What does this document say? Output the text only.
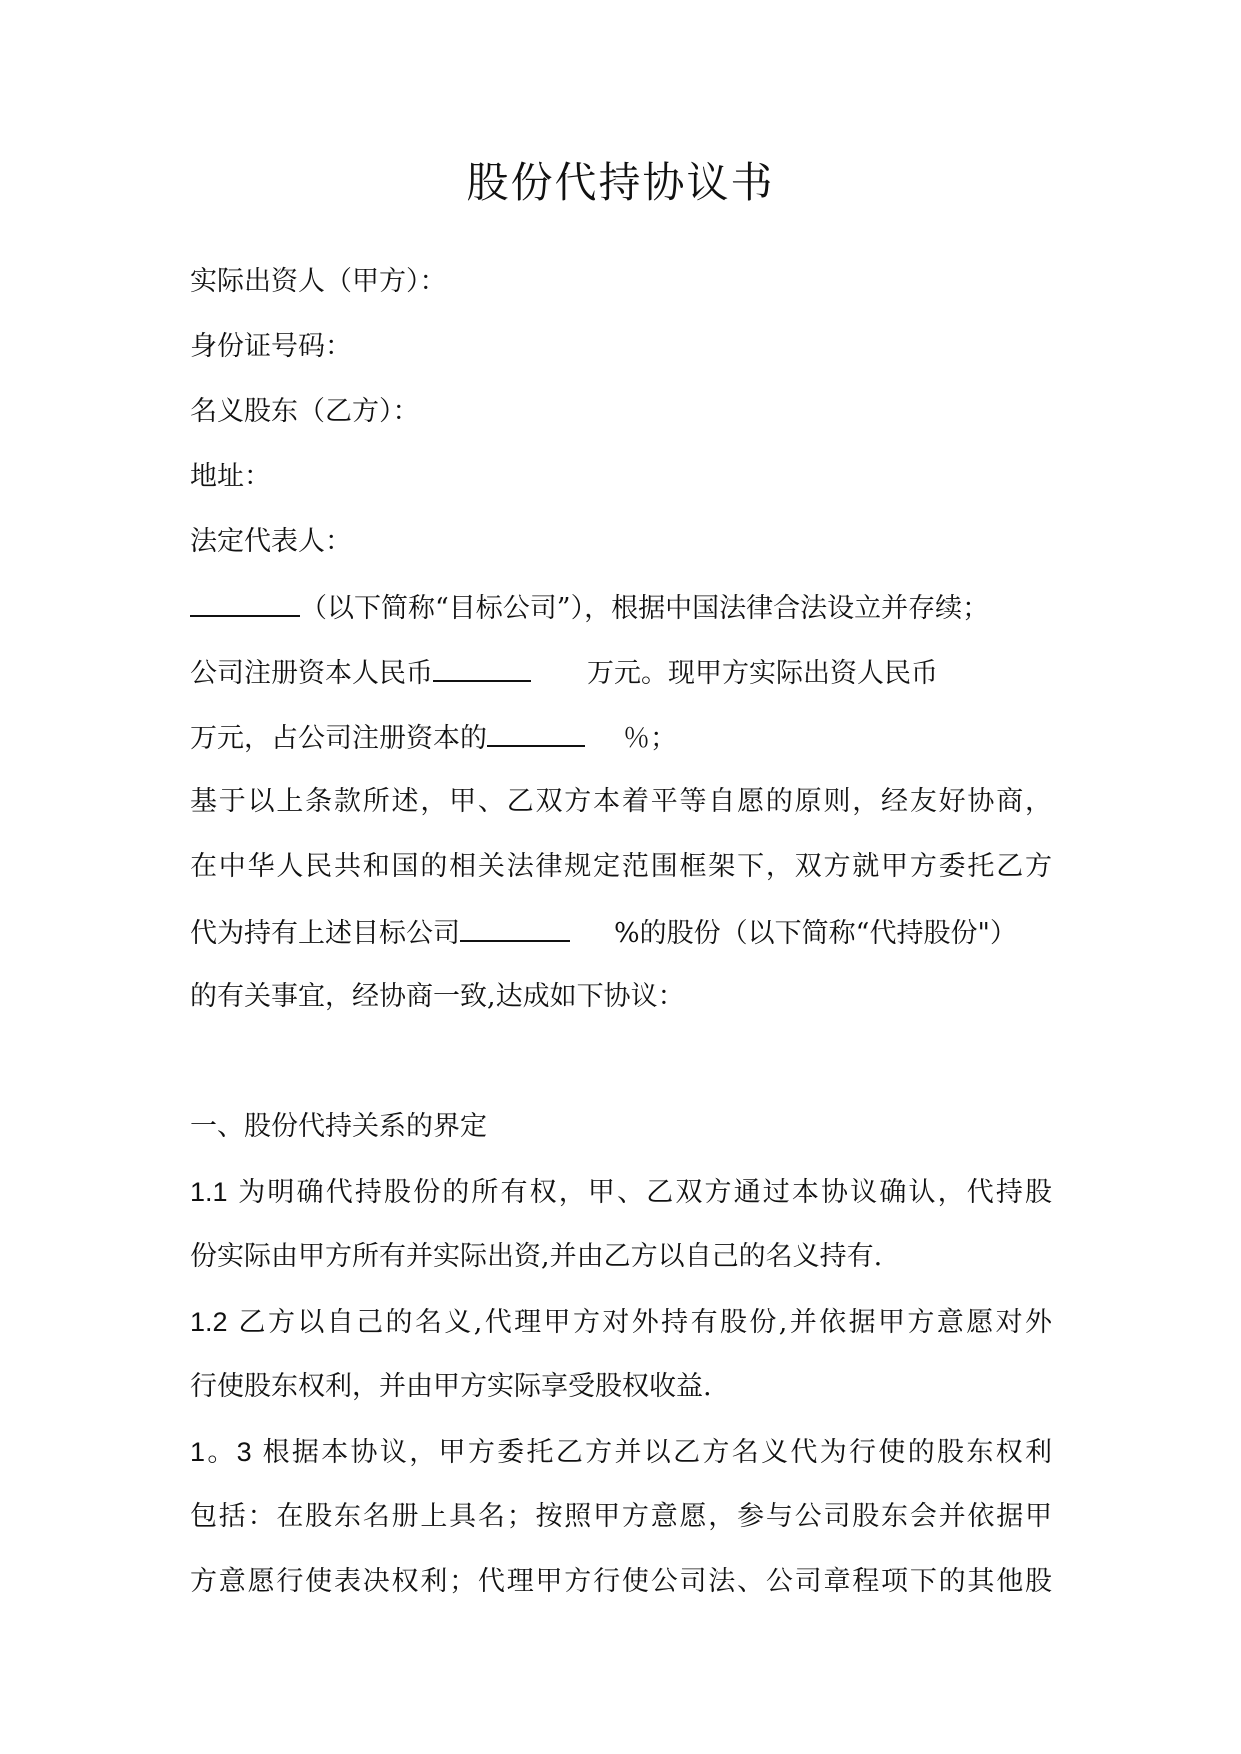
股份代持协议书
实际出资人（甲方）：
身份证号码：
名义股东（乙方）：
地址：
法定代表人：
（以下简称“目标公司”），根据中国法律合法设立并存续；
公司注册资本人民币	万元。现甲方实际出资人民币
万元，占公司注册资本的	％；
基于以上条款所述，甲、乙双方本着平等自愿的原则，经友好协商，
在中华人民共和国的相关法律规定范围框架下，双方就甲方委托乙方
代为持有上述目标公司	%的股份（以下简称“代持股份"）
的有关事宜，经协商一致,达成如下协议：
一、股份代持关系的界定
1.1 为明确代持股份的所有权，甲、乙双方通过本协议确认，代持股
份实际由甲方所有并实际出资,并由乙方以自己的名义持有.
1.2 乙方以自己的名义,代理甲方对外持有股份,并依据甲方意愿对外
行使股东权利，并由甲方实际享受股权收益.
1。3 根据本协议，甲方委托乙方并以乙方名义代为行使的股东权利
包括：在股东名册上具名；按照甲方意愿，参与公司股东会并依据甲
方意愿行使表决权利；代理甲方行使公司法、公司章程项下的其他股
